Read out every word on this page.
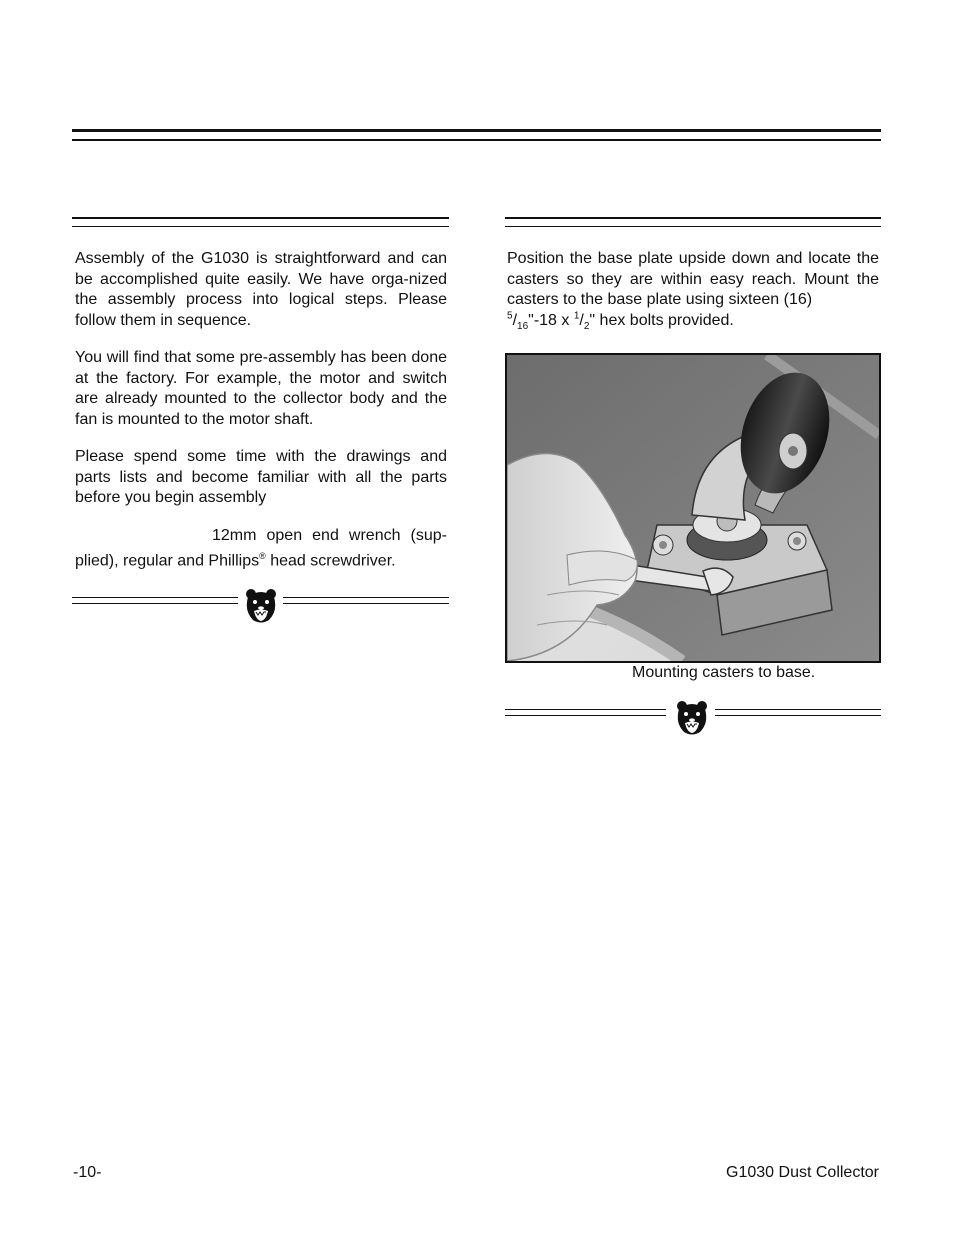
Assembly of the G1030 is straightforward and can be accomplished quite easily. We have orga-nized the assembly process into logical steps. Please follow them in sequence.

You will find that some pre-assembly has been done at the factory. For example, the motor and switch are already mounted to the collector body and the fan is mounted to the motor shaft.

Please spend some time with the drawings and parts lists and become familiar with all the parts before you begin assembly

12mm open end wrench (sup-plied), regular and Phillips® head screwdriver.

Position the base plate upside down and locate the casters so they are within easy reach. Mount the casters to the base plate using sixteen (16)
$^5/_{16}"-18$ x $^1/_2$" hex bolts provided.

Mounting casters to base.
-10-	G1030 Dust Collector
